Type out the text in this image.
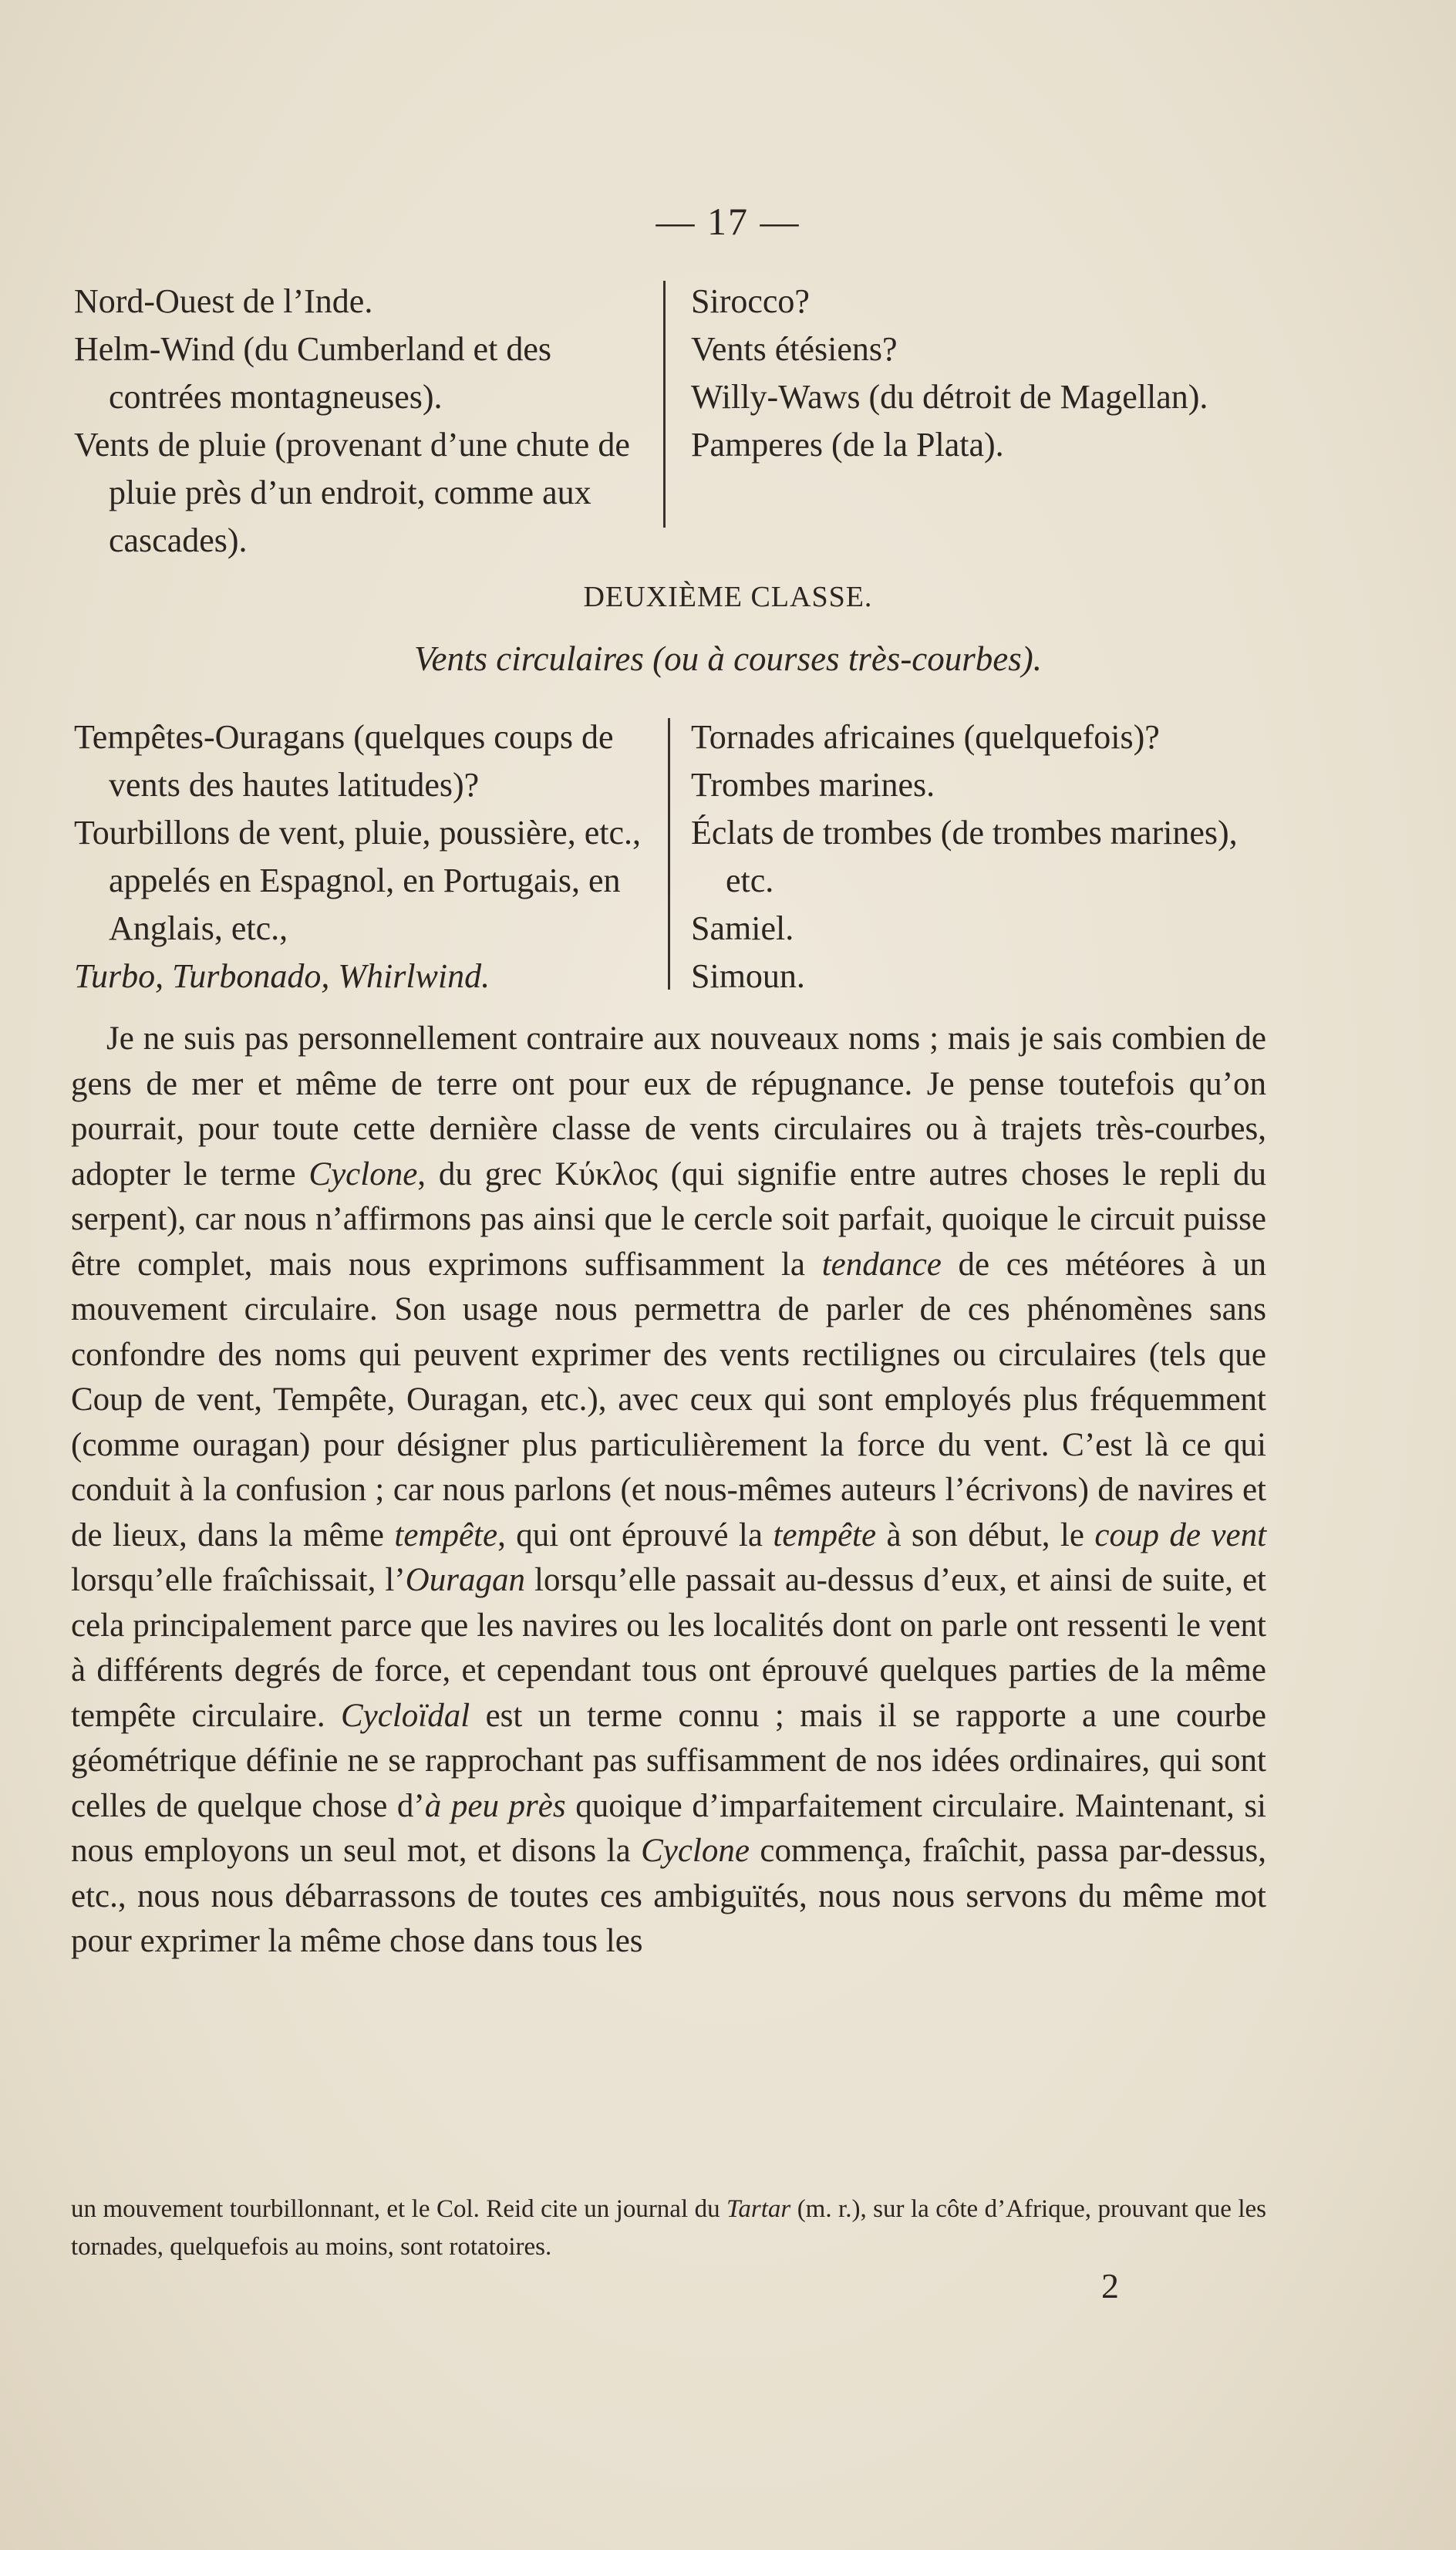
— 17 —

Nord-Ouest de l’Inde.

Helm-Wind (du Cumberland et des contrées montagneuses).

Vents de pluie (provenant d’une chute de pluie près d’un endroit, comme aux cascades).

Sirocco?

Vents étésiens?

Willy-Waws (du détroit de Magellan).

Pamperes (de la Plata).

DEUXIÈME CLASSE.
Vents circulaires (ou à courses très-courbes).

Tempêtes-Ouragans (quelques coups de vents des hautes latitudes)?

Tourbillons de vent, pluie, poussière, etc., appelés en Espagnol, en Portugais, en Anglais, etc.,

Turbo, Turbonado, Whirlwind.

Tornades africaines (quelquefois)?

Trombes marines.

Éclats de trombes (de trombes marines), etc.

Samiel.

Simoun.

Je ne suis pas personnellement contraire aux nouveaux noms ; mais je sais combien de gens de mer et même de terre ont pour eux de répugnance. Je pense toutefois qu’on pourrait, pour toute cette dernière classe de vents circulaires ou à trajets très-courbes, adopter le terme Cyclone, du grec Κύκλος (qui signifie entre autres choses le repli du serpent), car nous n’affirmons pas ainsi que le cercle soit parfait, quoique le circuit puisse être complet, mais nous exprimons suffisamment la tendance de ces météores à un mouvement circulaire. Son usage nous permettra de parler de ces phénomènes sans confondre des noms qui peuvent exprimer des vents rectilignes ou circulaires (tels que Coup de vent, Tempête, Ouragan, etc.), avec ceux qui sont employés plus fréquemment (comme ouragan) pour désigner plus particulièrement la force du vent. C’est là ce qui conduit à la confusion ; car nous parlons (et nous-mêmes auteurs l’écrivons) de navires et de lieux, dans la même tempête, qui ont éprouvé la tempête à son début, le coup de vent lorsqu’elle fraîchissait, l’Ouragan lorsqu’elle passait au-dessus d’eux, et ainsi de suite, et cela principalement parce que les navires ou les localités dont on parle ont ressenti le vent à différents degrés de force, et cependant tous ont éprouvé quelques parties de la même tempête circulaire. Cycloïdal est un terme connu ; mais il se rapporte a une courbe géométrique définie ne se rapprochant pas suffisamment de nos idées ordinaires, qui sont celles de quelque chose d’à peu près quoique d’imparfaitement circulaire. Maintenant, si nous employons un seul mot, et disons la Cyclone commença, fraîchit, passa par-dessus, etc., nous nous débarrassons de toutes ces ambiguïtés, nous nous servons du même mot pour exprimer la même chose dans tous les

un mouvement tourbillonnant, et le Col. Reid cite un journal du Tartar (m. r.), sur la côte d’Afrique, prouvant que les tornades, quelquefois au moins, sont rotatoires.

2
